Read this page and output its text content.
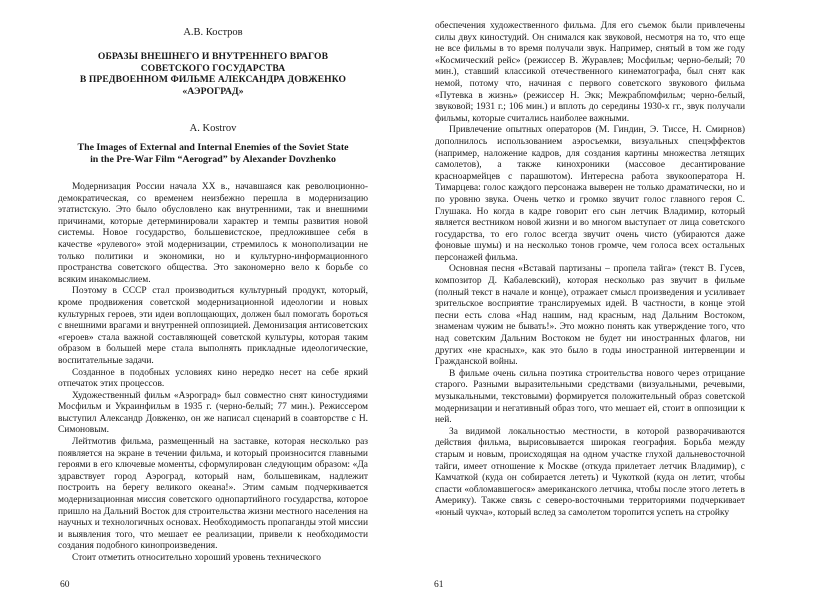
А.В. Костров
ОБРАЗЫ ВНЕШНЕГО И ВНУТРЕННЕГО ВРАГОВ
СОВЕТСКОГО ГОСУДАРСТВА
В ПРЕДВОЕННОМ ФИЛЬМЕ АЛЕКСАНДРА ДОВЖЕНКО
«АЭРОГРАД»
A. Kostrov
The Images of External and Internal Enemies of the Soviet State
in the Pre-War Film “Aerograd” by Alexander Dovzhenko

Модернизация России начала XX в., начавшаяся как революционно-демократическая, со временем неизбежно перешла в модернизацию этатистскую. Это было обусловлено как внутренними, так и внешними причинами, которые детерминировали характер и темпы развития новой системы. Новое государство, большевистское, предложившее себя в качестве «рулевого» этой модернизации, стремилось к монополизации не только политики и экономики, но и культурно-информационного пространства советского общества. Это закономерно вело к борьбе со всяким инакомыслием.

Поэтому в СССР стал производиться культурный продукт, который, кроме продвижения советской модернизационной идеологии и новых культурных героев, эти идеи воплощающих, должен был помогать бороться с внешними врагами и внутренней оппозицией. Демонизация антисоветских «героев» стала важной составляющей советской культуры, которая таким образом в большей мере стала выполнять прикладные идеологические, воспитательные задачи.

Созданное в подобных условиях кино нередко несет на себе яркий отпечаток этих процессов.

Художественный фильм «Аэроград» был совместно снят киностудиями Мосфильм и Украинфильм в 1935 г. (черно-белый; 77 мин.). Режиссером выступил Александр Довженко, он же написал сценарий в соавторстве с Н. Симоновым.

Лейтмотив фильма, размещенный на заставке, которая несколько раз появляется на экране в течении фильма, и который произносится главными героями в его ключевые моменты, сформулирован следующим образом: «Да здравствует город Аэроград, который нам, большевикам, надлежит построить на берегу великого океана!». Этим самым подчеркивается модернизационная миссия советского однопартийного государства, которое пришло на Дальний Восток для строительства жизни местного населения на научных и технологичных основах. Необходимость пропаганды этой миссии и выявления того, что мешает ее реализации, привели к необходимости создания подобного кинопроизведения.

Стоит отметить относительно хороший уровень технического

60

обеспечения художественного фильма. Для его съемок были привлечены силы двух киностудий. Он снимался как звуковой, несмотря на то, что еще не все фильмы в то время получали звук. Например, снятый в том же году «Космический рейс» (режиссер В. Журавлев; Мосфильм; черно-белый; 70 мин.), ставший классикой отечественного кинематографа, был снят как немой, потому что, начиная с первого советского звукового фильма «Путевка в жизнь» (режиссер Н. Экк; Межрабпомфильм; черно-белый, звуковой; 1931 г.; 106 мин.) и вплоть до середины 1930-х гг., звук получали фильмы, которые считались наиболее важными.

Привлечение опытных операторов (М. Гиндин, Э. Тиссе, Н. Смирнов) дополнилось использованием аэросъемки, визуальных спецэффектов (например, наложение кадров, для создания картины множества летящих самолетов), а также кинохроники (массовое десантирование красноармейцев с парашютом). Интересна работа звукооператора Н. Тимарцева: голос каждого персонажа выверен не только драматически, но и по уровню звука. Очень четко и громко звучит голос главного героя С. Глушака. Но когда в кадре говорит его сын летчик Владимир, который является вестником новой жизни и во многом выступает от лица советского государства, то его голос всегда звучит очень чисто (убираются даже фоновые шумы) и на несколько тонов громче, чем голоса всех остальных персонажей фильма.

Основная песня «Вставай партизаны – пропела тайга» (текст В. Гусев, композитор Д. Кабалевский), которая несколько раз звучит в фильме (полный текст в начале и конце), отражает смысл произведения и усиливает зрительское восприятие транслируемых идей. В частности, в конце этой песни есть слова «Над нашим, над красным, над Дальним Востоком, знаменам чужим не бывать!». Это можно понять как утверждение того, что над советским Дальним Востоком не будет ни иностранных флагов, ни других «не красных», как это было в годы иностранной интервенции и Гражданской войны.

В фильме очень сильна поэтика строительства нового через отрицание старого. Разными выразительными средствами (визуальными, речевыми, музыкальными, текстовыми) формируется положительный образ советской модернизации и негативный образ того, что мешает ей, стоит в оппозиции к ней.

За видимой локальностью местности, в которой разворачиваются действия фильма, вырисовывается широкая география. Борьба между старым и новым, происходящая на одном участке глухой дальневосточной тайги, имеет отношение к Москве (откуда прилетает летчик Владимир), с Камчаткой (куда он собирается лететь) и Чукоткой (куда он летит, чтобы спасти «обломавшегося» американского летчика, чтобы после этого лететь в Америку). Также связь с северо-восточными территориями подчеркивает «юный чукча», который вслед за самолетом торопится успеть на стройку

61
